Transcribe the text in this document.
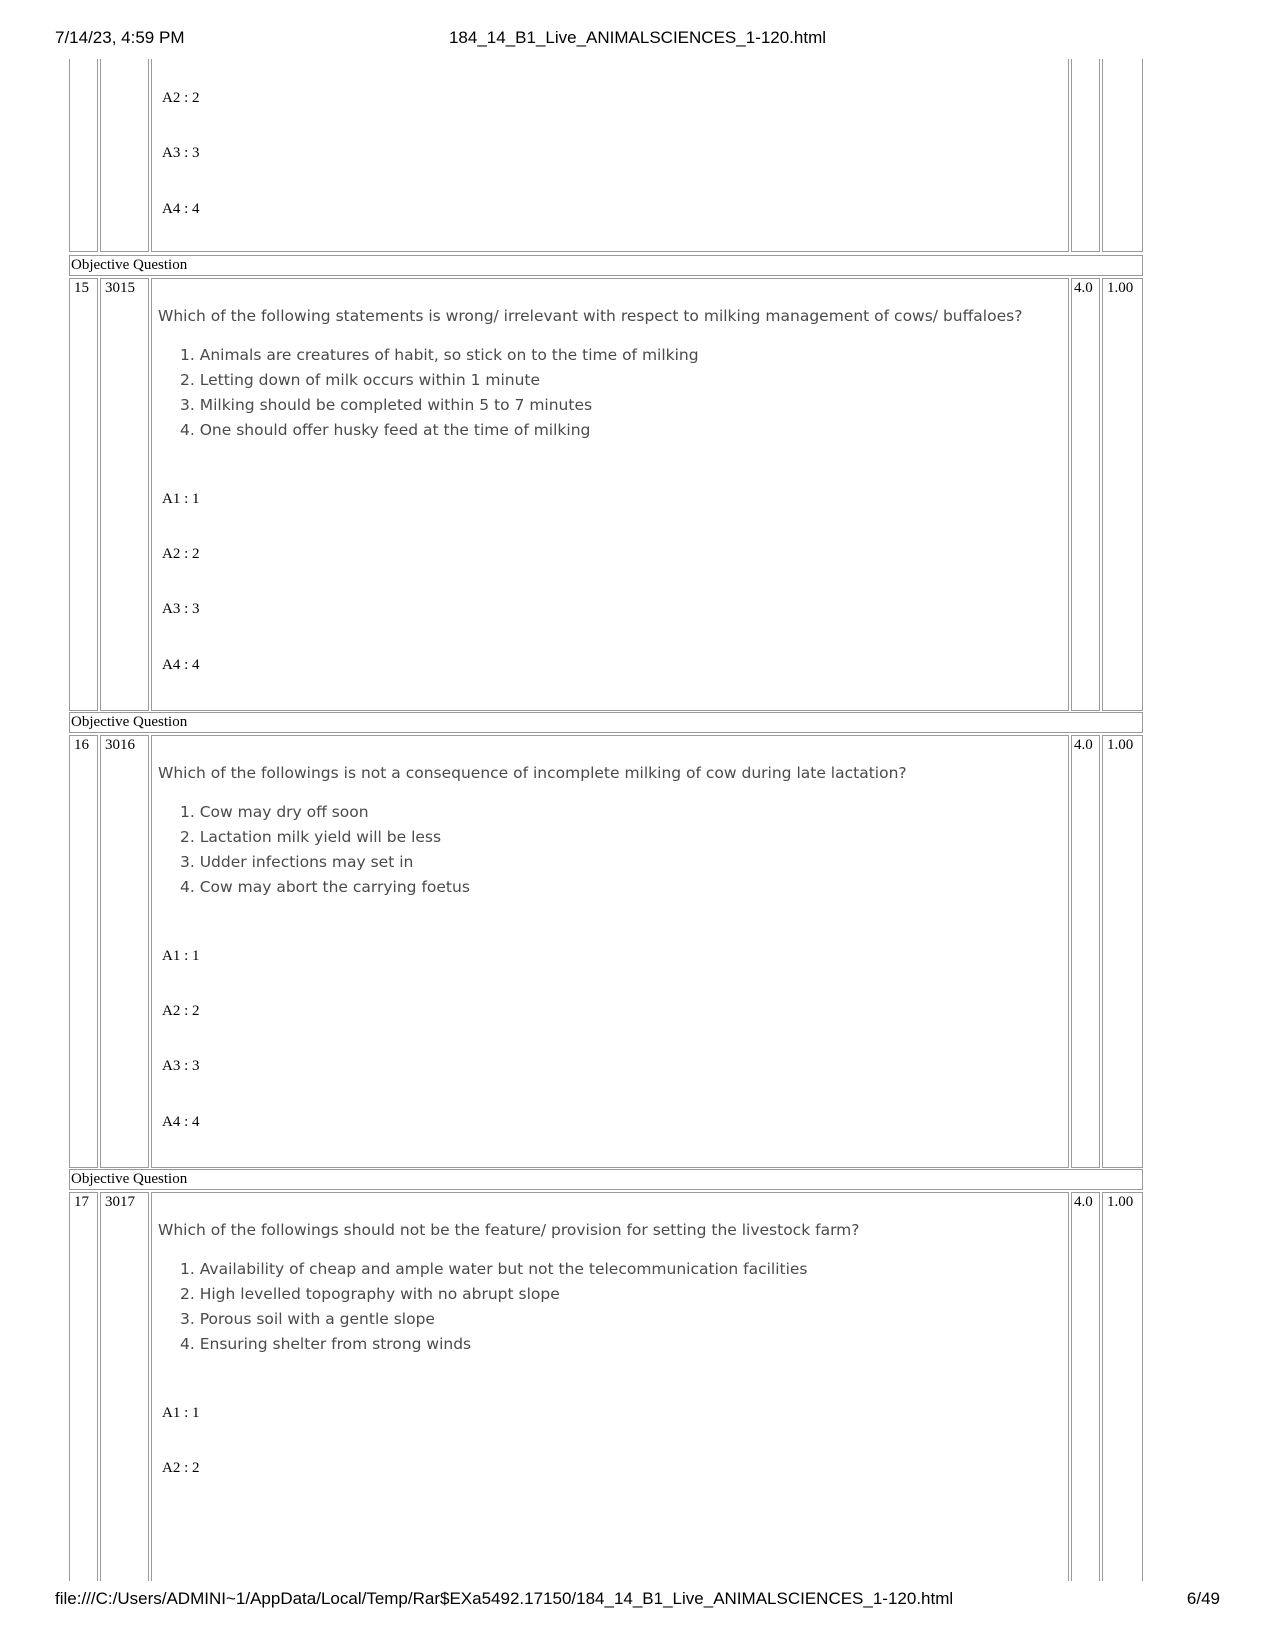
7/14/23, 4:59 PM	184_14_B1_Live_ANIMALSCIENCES_1-120.html
A2 : 2
A3 : 3
A4 : 4
Objective Question
15 3015
Which of the following statements is wrong/ irrelevant with respect to milking management of cows/ buffaloes?
1. Animals are creatures of habit, so stick on to the time of milking
2. Letting down of milk occurs within 1 minute
3. Milking should be completed within 5 to 7 minutes
4. One should offer husky feed at the time of milking
A1 : 1
A2 : 2
A3 : 3
A4 : 4
4.0 1.00
Objective Question
16 3016
Which of the followings is not a consequence of incomplete milking of cow during late lactation?
1. Cow may dry off soon
2. Lactation milk yield will be less
3. Udder infections may set in
4. Cow may abort the carrying foetus
A1 : 1
A2 : 2
A3 : 3
A4 : 4
4.0 1.00
Objective Question
17 3017
Which of the followings should not be the feature/ provision for setting the livestock farm?
1. Availability of cheap and ample water but not the telecommunication facilities
2. High levelled topography with no abrupt slope
3. Porous soil with a gentle slope
4. Ensuring shelter from strong winds
A1 : 1
A2 : 2
4.0 1.00
file:///C:/Users/ADMINI~1/AppData/Local/Temp/Rar$EXa5492.17150/184_14_B1_Live_ANIMALSCIENCES_1-120.html	6/49
